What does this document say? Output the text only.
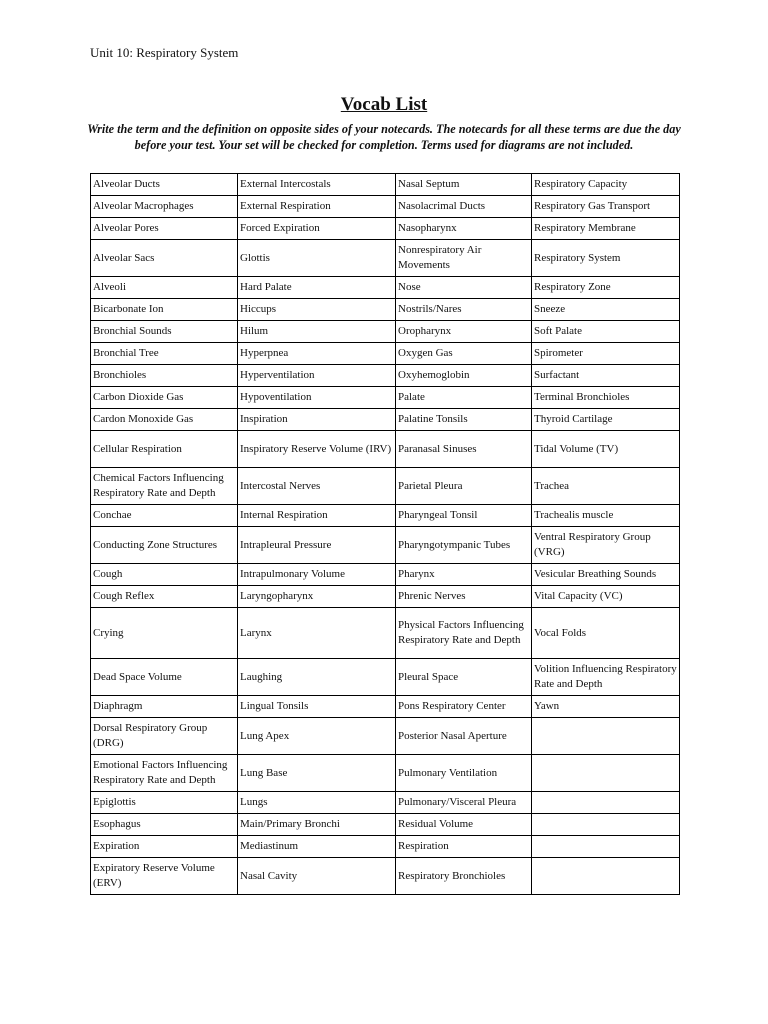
Unit 10: Respiratory System
Vocab List
Write the term and the definition on opposite sides of your notecards. The notecards for all these terms are due the day before your test. Your set will be checked for completion. Terms used for diagrams are not included.
Alveolar Ducts	External Intercostals	Nasal Septum	Respiratory Capacity
Alveolar Macrophages	External Respiration	Nasolacrimal Ducts	Respiratory Gas Transport
Alveolar Pores	Forced Expiration	Nasopharynx	Respiratory Membrane
Alveolar Sacs	Glottis	Nonrespiratory Air Movements	Respiratory System
Alveoli	Hard Palate	Nose	Respiratory Zone
Bicarbonate Ion	Hiccups	Nostrils/Nares	Sneeze
Bronchial Sounds	Hilum	Oropharynx	Soft Palate
Bronchial Tree	Hyperpnea	Oxygen Gas	Spirometer
Bronchioles	Hyperventilation	Oxyhemoglobin	Surfactant
Carbon Dioxide Gas	Hypoventilation	Palate	Terminal Bronchioles
Cardon Monoxide Gas	Inspiration	Palatine Tonsils	Thyroid Cartilage
Cellular Respiration	Inspiratory Reserve Volume (IRV)	Paranasal Sinuses	Tidal Volume (TV)
Chemical Factors Influencing Respiratory Rate and Depth	Intercostal Nerves	Parietal Pleura	Trachea
Conchae	Internal Respiration	Pharyngeal Tonsil	Trachealis muscle
Conducting Zone Structures	Intrapleural Pressure	Pharyngotympanic Tubes	Ventral Respiratory Group (VRG)
Cough	Intrapulmonary Volume	Pharynx	Vesicular Breathing Sounds
Cough Reflex	Laryngopharynx	Phrenic Nerves	Vital Capacity (VC)
Crying	Larynx	Physical Factors Influencing Respiratory Rate and Depth	Vocal Folds
Dead Space Volume	Laughing	Pleural Space	Volition Influencing Respiratory Rate and Depth
Diaphragm	Lingual Tonsils	Pons Respiratory Center	Yawn
Dorsal Respiratory Group (DRG)	Lung Apex	Posterior Nasal Aperture	
Emotional Factors Influencing Respiratory Rate and Depth	Lung Base	Pulmonary Ventilation	
Epiglottis	Lungs	Pulmonary/Visceral Pleura	
Esophagus	Main/Primary Bronchi	Residual Volume	
Expiration	Mediastinum	Respiration	
Expiratory Reserve Volume (ERV)	Nasal Cavity	Respiratory Bronchioles	
